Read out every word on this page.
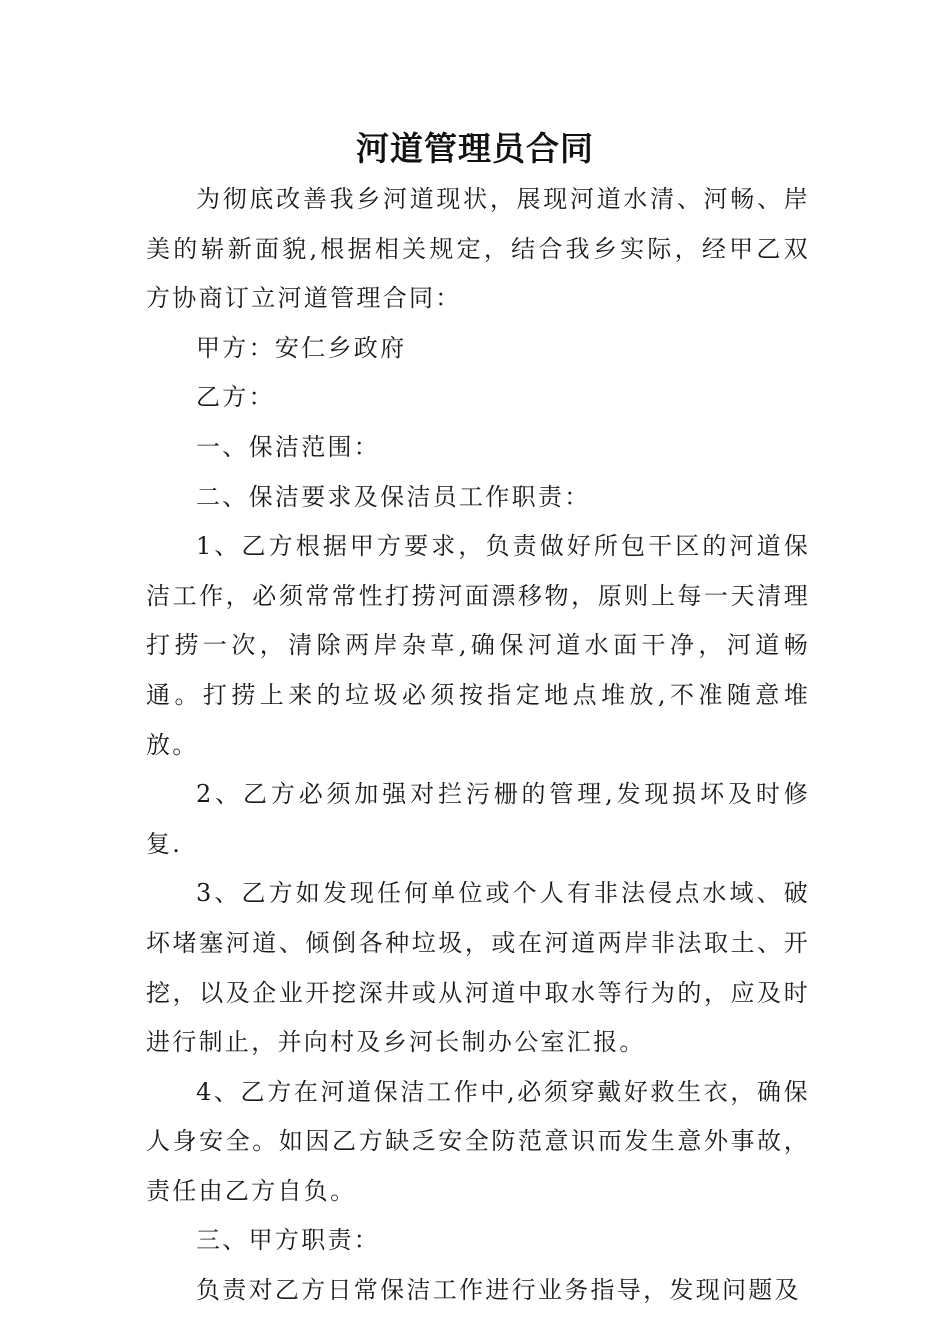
河道管理员合同

为彻底改善我乡河道现状，展现河道水清、河畅、岸美的崭新面貌,根据相关规定，结合我乡实际，经甲乙双方协商订立河道管理合同：

甲方：安仁乡政府

乙方：

一、保洁范围：

二、保洁要求及保洁员工作职责：

1、乙方根据甲方要求，负责做好所包干区的河道保洁工作，必须常常性打捞河面漂移物，原则上每一天清理打捞一次，清除两岸杂草,确保河道水面干净，河道畅通。打捞上来的垃圾必须按指定地点堆放,不准随意堆放。

2、乙方必须加强对拦污栅的管理,发现损坏及时修复.

3、乙方如发现任何单位或个人有非法侵点水域、破坏堵塞河道、倾倒各种垃圾，或在河道两岸非法取土、开挖，以及企业开挖深井或从河道中取水等行为的，应及时进行制止，并向村及乡河长制办公室汇报。

4、乙方在河道保洁工作中,必须穿戴好救生衣，确保人身安全。如因乙方缺乏安全防范意识而发生意外事故，责任由乙方自负。

三、甲方职责：

负责对乙方日常保洁工作进行业务指导，发现问题及
